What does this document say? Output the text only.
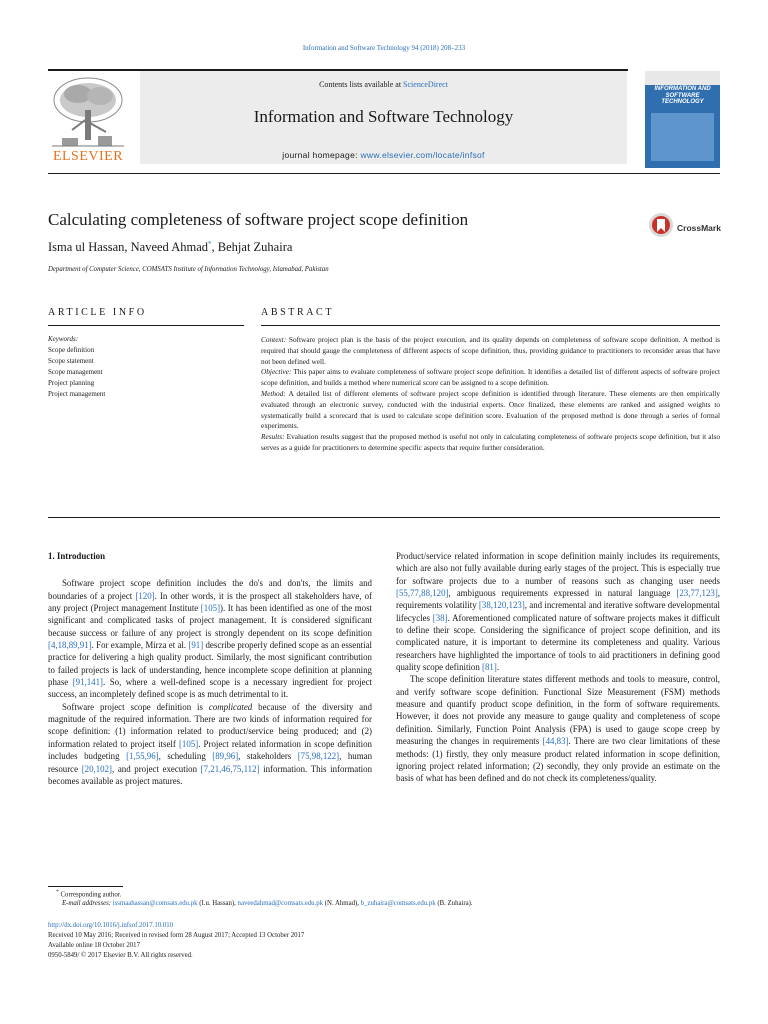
Information and Software Technology 94 (2018) 208–233
Contents lists available at ScienceDirect
Information and Software Technology
journal homepage: www.elsevier.com/locate/infsof
ELSEVIER
INFORMATION AND SOFTWARE TECHNOLOGY
Calculating completeness of software project scope definition	CrossMark
Isma ul Hassan, Naveed Ahmad*, Behjat Zuhaira
Department of Computer Science, COMSATS Institute of Information Technology, Islamabad, Pakistan
ARTICLE INFO	ABSTRACT
Keywords:
Scope definition
Scope statement
Scope management
Project planning
Project management

Context: Software project plan is the basis of the project execution, and its quality depends on completeness of software scope definition. A method is required that should gauge the completeness of different aspects of scope definition, thus, providing guidance to practitioners to reconsider areas that have not been defined well.

Objective: This paper aims to evaluate completeness of software project scope definition. It identifies a detailed list of different aspects of software project scope definition, and builds a method where numerical score can be assigned to a scope definition.

Method: A detailed list of different elements of software project scope definition is identified through literature. These elements are then empirically evaluated through an electronic survey, conducted with the industrial experts. Once finalized, these elements are ranked and assigned weights to systematically build a scorecard that is used to calculate scope definition score. Evaluation of the proposed method is done through a series of formal experiments.

Results: Evaluation results suggest that the proposed method is useful not only in calculating completeness of software projects scope definition, but it also serves as a guide for practitioners to determine specific aspects that require further consideration.

1. Introduction

Software project scope definition includes the do's and don'ts, the limits and boundaries of a project [120]. In other words, it is the prospect all stakeholders have, of any project (Project management Institute [105]). It has been identified as one of the most significant and complicated tasks of project management. It is considered significant because success or failure of any project is strongly dependent on its scope definition [4,18,89,91]. For example, Mirza et al. [91] describe properly defined scope as an essential practice for delivering a high quality product. Similarly, the most significant contribution to failed projects is lack of understanding, hence incomplete scope definition at planning phase [91,141]. So, where a well-defined scope is a necessary ingredient for project success, an incompletely defined scope is as much detrimental to it.

Software project scope definition is complicated because of the diversity and magnitude of the required information. There are two kinds of information required for scope definition: (1) information related to product/service being produced; and (2) information related to project itself [105]. Project related information in scope definition includes budgeting [1,55,96], scheduling [89,96], stakeholders [75,98,122], human resource [20,102], and project execution [7,21,46,75,112] information. This information becomes available as project matures.

Product/service related information in scope definition mainly includes its requirements, which are also not fully available during early stages of the project. This is especially true for software projects due to a number of reasons such as changing user needs [55,77,88,120], ambiguous requirements expressed in natural language [23,77,123], requirements volatility [38,120,123], and incremental and iterative software developmental lifecycles [38]. Aforementioned complicated nature of software projects makes it difficult to define their scope. Considering the significance of project scope definition, and its complicated nature, it is important to determine its completeness and quality. Various researchers have highlighted the importance of tools to aid practitioners in defining good quality scope definition [81].

The scope definition literature states different methods and tools to measure, control, and verify software scope definition. Functional Size Measurement (FSM) methods measure and quantify product scope definition, in the form of software requirements. However, it does not provide any measure to gauge quality and completeness of scope definition. Similarly, Function Point Analysis (FPA) is used to gauge scope creep by measuring the changes in requirements [44,83]. There are two clear limitations of these methods: (1) firstly, they only measure product related information in scope definition, ignoring project related information; (2) secondly, they only provide an estimate on the basis of what has been defined and do not check its completeness/quality.

* Corresponding author.
E-mail addresses: issmaahassan@comsats.edu.pk (I.u. Hassan), naveedahmad@comsats.edu.pk (N. Ahmad), b_zuhaira@comsats.edu.pk (B. Zuhaira).
http://dx.doi.org/10.1016/j.infsof.2017.10.010
Received 10 May 2016; Received in revised form 28 August 2017; Accepted 13 October 2017
Available online 18 October 2017
0950-5849/ © 2017 Elsevier B.V. All rights reserved.
